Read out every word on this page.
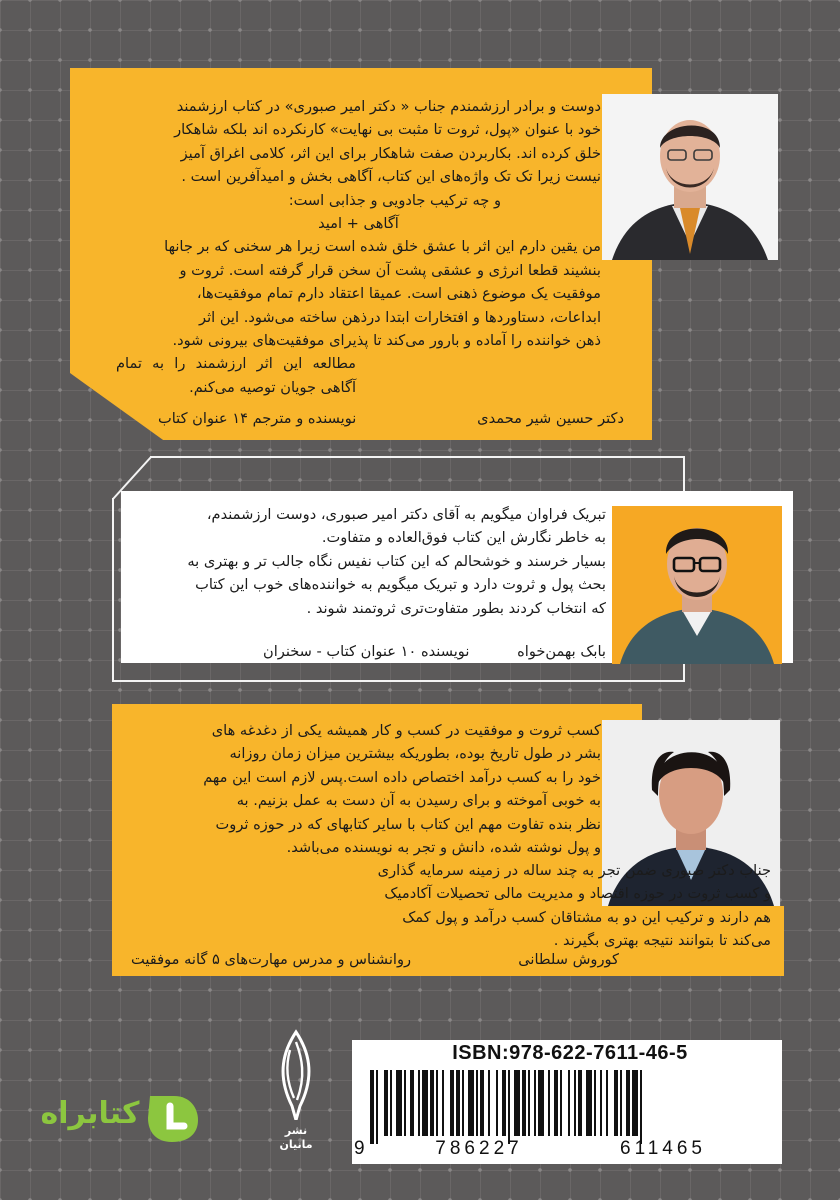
دوست و برادر ارزشمندم جناب « دکتر امیر صبوری» در کتاب ارزشمند

خود با عنوان «پول، ثروت تا مثبت بی نهایت» کارنکرده اند بلکه شاهکار

خلق کرده اند. بکاربردن صفت شاهکار برای این اثر، کلامی اغراق آمیز

نیست زیرا تک تک واژه‌های این کتاب، آگاهی بخش و امیدآفرین است .

و چه ترکیب جادویی و جذابی است:

آگاهی + امید

من یقین دارم این اثر با عشق خلق شده است زیرا هر سخنی که بر جانها

بنشیند قطعا انرژی و عشقی پشت آن سخن قرار گرفته است. ثروت و

موفقیت یک موضوع ذهنی است. عمیقا اعتقاد دارم تمام موفقیت‌ها،

ابداعات، دستاوردها و افتخارات ابتدا درذهن ساخته می‌شود. این اثر

ذهن خواننده را آماده و بارور می‌کند تا پذیرای موفقیت‌های بیرونی شود.

مطالعه این اثر ارزشمند را به تمام آگاهی جویان توصیه می‌کنم.

دکتر حسین شیر محمدی
نویسنده و مترجم ۱۴ عنوان کتاب

تبریک فراوان میگویم به آقای دکتر امیر صبوری، دوست ارزشمندم،

به خاطر نگارش این کتاب فوق‌العاده و متفاوت.

بسیار خرسند و خوشحالم که این کتاب نفیس نگاه جالب تر و بهتری به

بحث پول و ثروت دارد و تبریک میگویم به خواننده‌های خوب این کتاب

که انتخاب کردند بطور متفاوت‌تری ثروتمند شوند .

بابک بهمن‌خواه
نویسنده ۱۰ عنوان کتاب - سخنران

کسب ثروت و موفقیت در کسب و کار همیشه یکی از دغدغه های

بشر در طول تاریخ بوده، بطوریکه بیشترین میزان زمان روزانه

خود را به کسب درآمد اختصاص داده است.پس لازم است این مهم

به خوبی آموخته و برای رسیدن به آن دست به عمل بزنیم. به

نظر بنده تفاوت مهم این کتاب با سایر کتابهای که در حوزه ثروت

و پول نوشته شده، دانش و تجر به نویسنده می‌باشد.

جناب دکتر صبوری ضمن تجر به چند ساله در زمینه سرمایه گذاری

و کسب ثروت در حوزه اقتصاد و مدیریت مالی تحصیلات آکادمیک

هم دارند و ترکیب این دو به مشتاقان کسب درآمد و پول کمک

می‌کند تا بتوانند نتیجه بهتری بگیرند .

کوروش سلطانی
روانشناس و مدرس مهارت‌های ۵ گانه موفقیت
ISBN:978-622-7611-46-5
9	786227	611465
نشر
مانیان
کتابراه
